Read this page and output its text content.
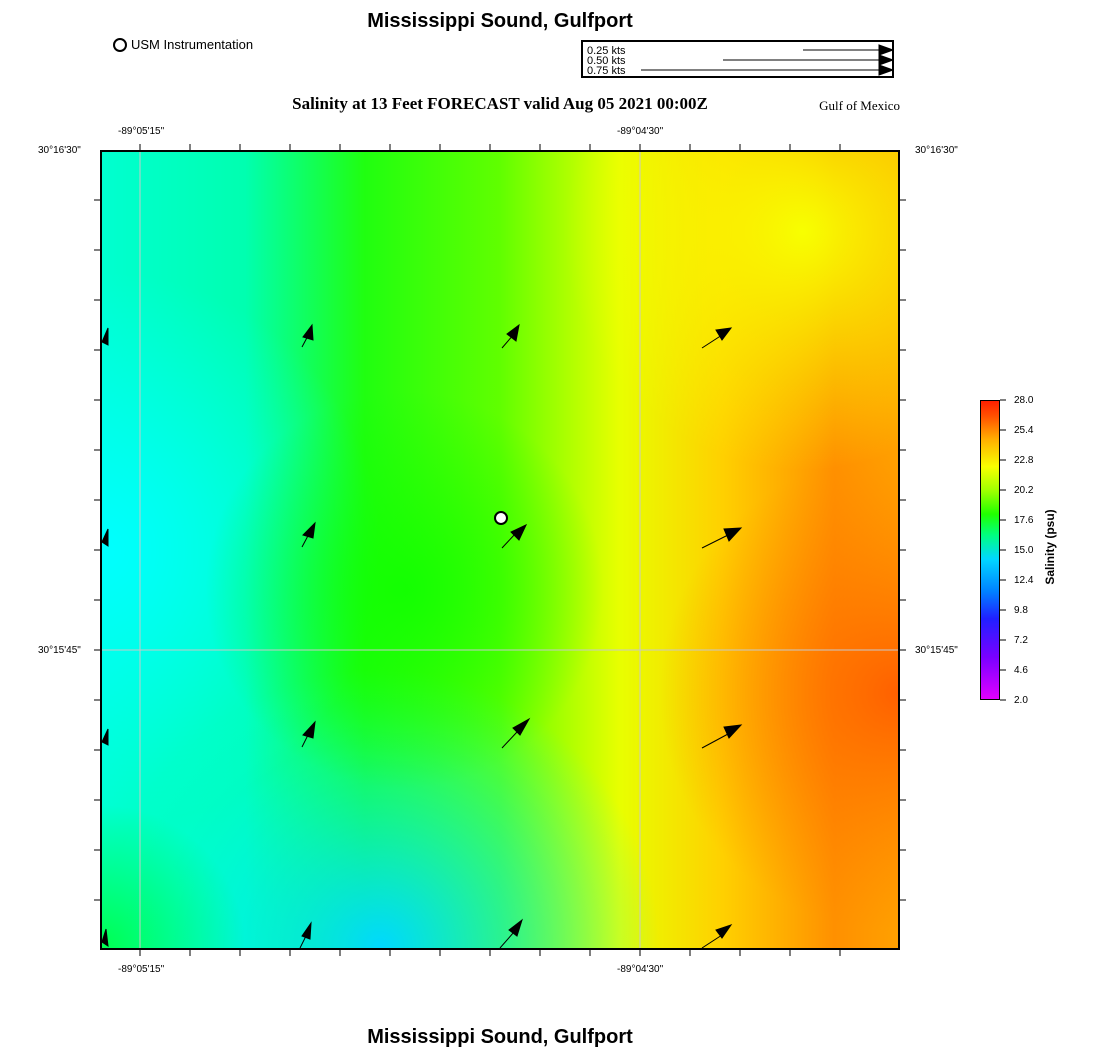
Mississippi Sound, Gulfport
USM Instrumentation	0.25 kts
0.50 kts
0.75 kts
Salinity at 13 Feet FORECAST valid Aug 05 2021 00:00Z	Gulf of Mexico
-89°05'15"	-89°04'30"
-89°05'15"	-89°04'30"
30°16'30"
30°15'45"
30°16'30"
30°15'45"
28.0
25.4
22.8
20.2
17.6
15.0
12.4
9.8
7.2
4.6
2.0
Salinity (psu)
Mississippi Sound, Gulfport
